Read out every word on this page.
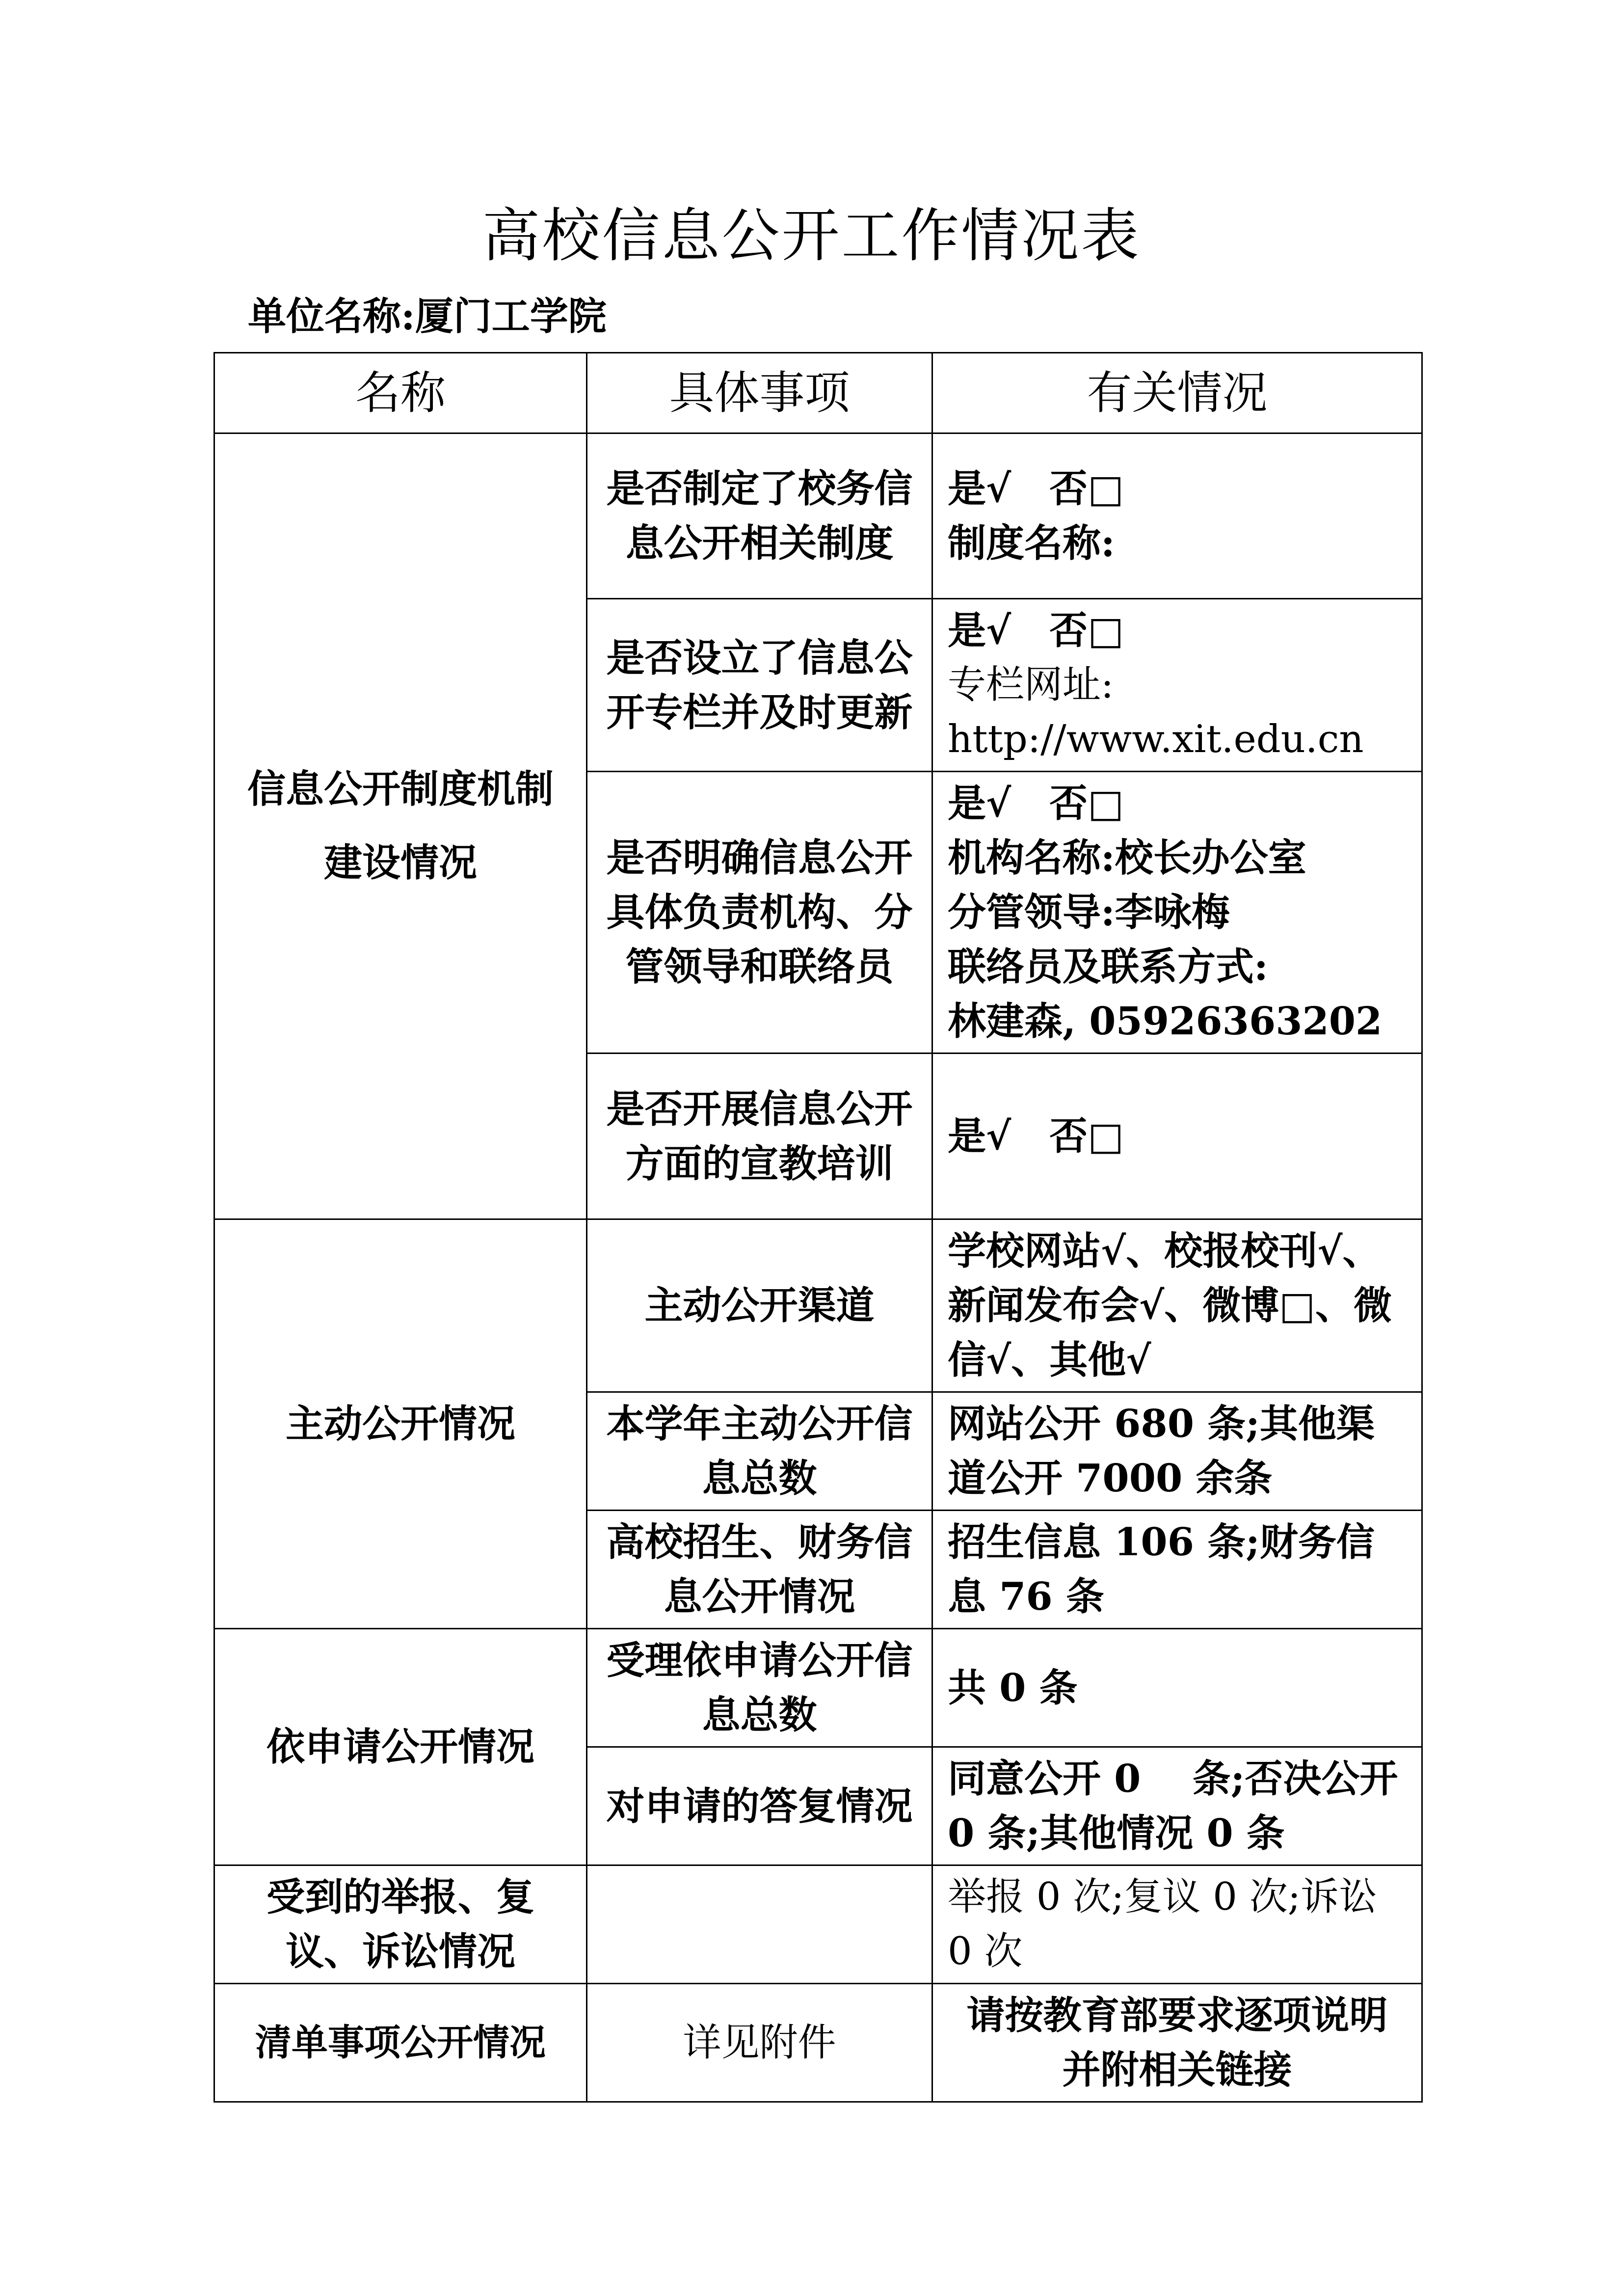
高校信息公开工作情况表
单位名称:厦门工学院
名称	具体事项	有关情况
信息公开制度机制建设情况	是否制定了校务信息公开相关制度	是√　否□
制度名称:

	是否设立了信息公开专栏并及时更新	是√　否□
专栏网址:
http://www.xit.edu.cn

	是否明确信息公开具体负责机构、分管领导和联络员	是√　否□
机构名称:校长办公室
分管领导:李咏梅
联络员及联系方式:
林建森, 05926363202

	是否开展信息公开方面的宣教培训	是√　否□

主动公开情况	主动公开渠道	学校网站√、校报校刊√、新闻发布会√、微博□、微信√、其他√
	本学年主动公开信息总数	网站公开 680 条;其他渠道公开 7000 余条
	高校招生、财务信息公开情况	招生信息 106 条;财务信息 76 条
依申请公开情况	受理依申请公开信息总数	共 0 条
	对申请的答复情况	同意公开 0　 条;否决公开 0 条;其他情况 0 条
受到的举报、复议、诉讼情况		举报 0 次;复议 0 次;诉讼 0 次
清单事项公开情况	详见附件	请按教育部要求逐项说明并附相关链接
